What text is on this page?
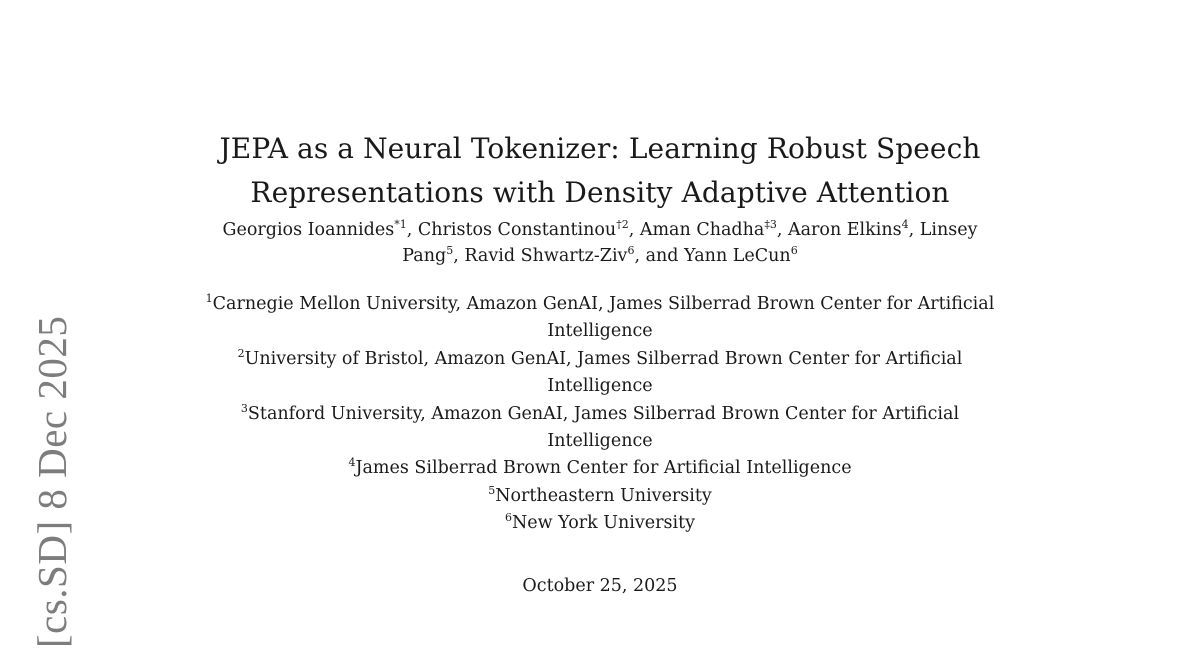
JEPA as a Neural Tokenizer: Learning Robust Speech
Representations with Density Adaptive Attention
Georgios Ioannides$^{*1}$, Christos Constantinou$^{\dagger 2}$, Aman Chadha$^{\ddagger 3}$, Aaron Elkins$^4$, Linsey
Pang$^5$, Ravid Shwartz-Ziv$^6$, and Yann LeCun$^6$
$^1$Carnegie Mellon University, Amazon GenAI, James Silberrad Brown Center for Artificial
Intelligence
$^2$University of Bristol, Amazon GenAI, James Silberrad Brown Center for Artificial
Intelligence
$^3$Stanford University, Amazon GenAI, James Silberrad Brown Center for Artificial
Intelligence
$^4$James Silberrad Brown Center for Artificial Intelligence
$^5$Northeastern University
$^6$New York University
October 25, 2025
[cs.SD] 8 Dec 2025
